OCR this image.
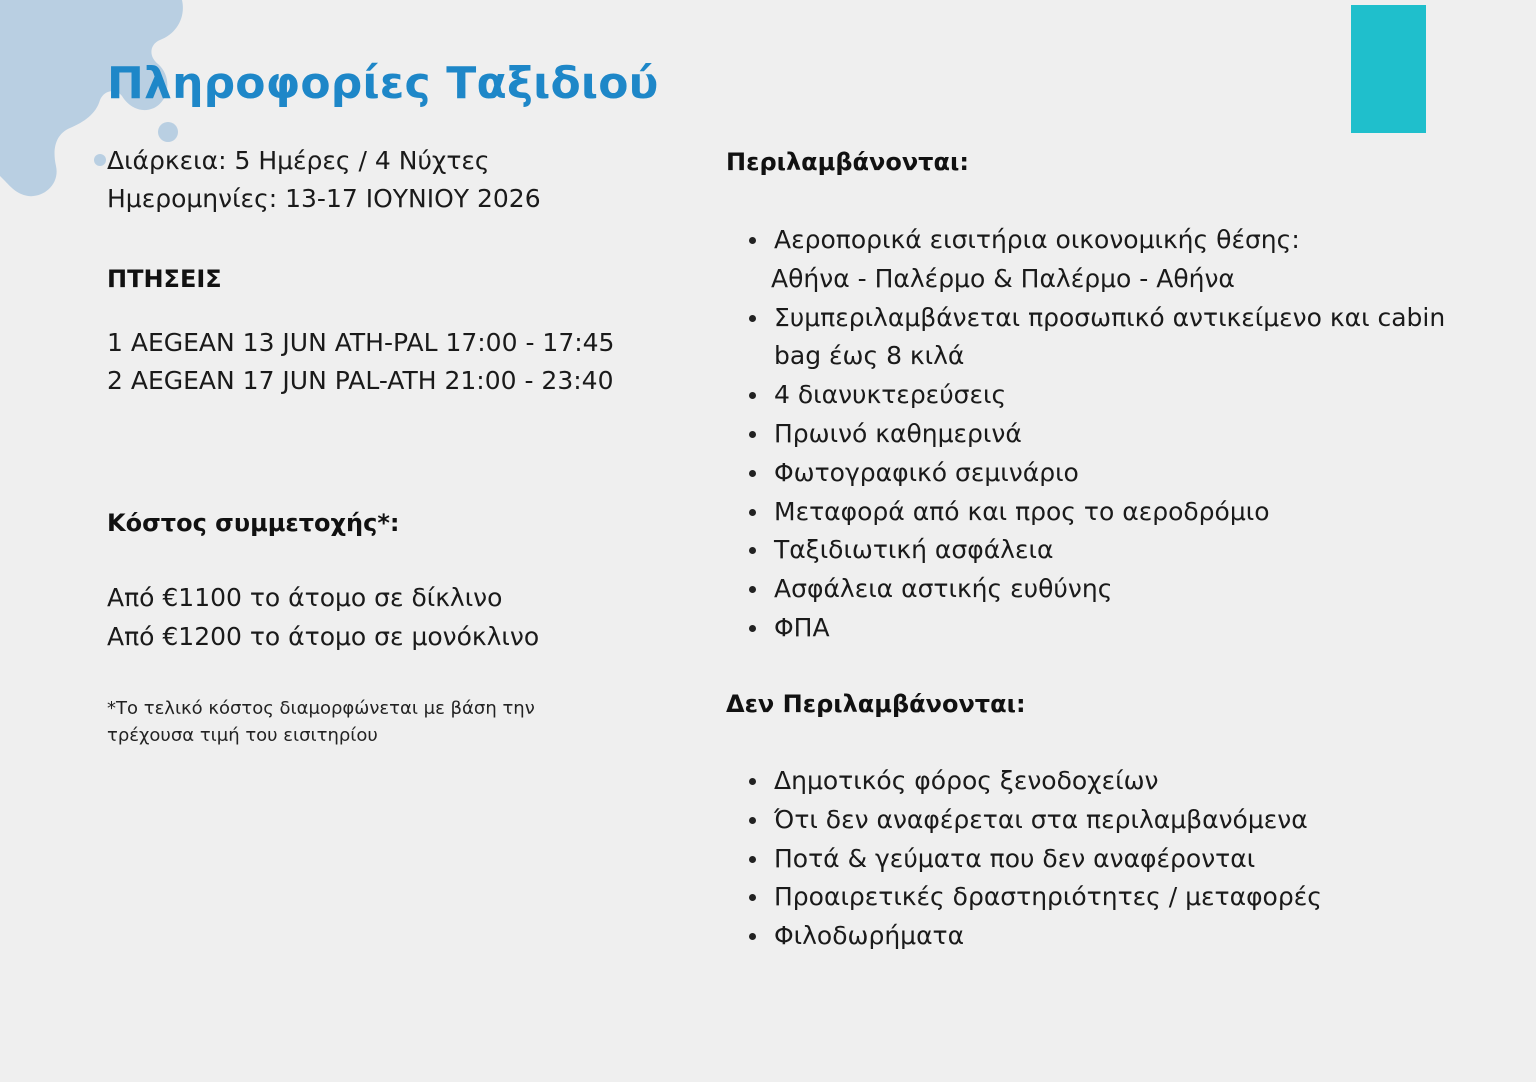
Πληροφορίες Ταξιδιού

Διάρκεια: 5 Ημέρες / 4 Νύχτες

Ημερομηνίες: 13-17 ΙΟΥΝΙΟΥ 2026

ΠΤΗΣΕΙΣ

1 AEGEAN 13 JUN ATH-PAL 17:00 - 17:45

2 AEGEAN 17 JUN PAL-ATH 21:00 - 23:40

Κόστος συμμετοχής*:

Από €1100 το άτομο σε δίκλινο

Από €1200 το άτομο σε μονόκλινο

*Το τελικό κόστος διαμορφώνεται με βάση την

τρέχουσα τιμή του εισιτηρίου

Περιλαμβάνονται:

Αεροπορικά εισιτήρια οικονομικής θέσης:
Αθήνα - Παλέρμο & Παλέρμο - Αθήνα
Συμπεριλαμβάνεται προσωπικό αντικείμενο και cabin
bag έως 8 κιλά
4 διανυκτερεύσεις
Πρωινό καθημερινά
Φωτογραφικό σεμινάριο
Μεταφορά από και προς το αεροδρόμιο
Ταξιδιωτική ασφάλεια
Ασφάλεια αστικής ευθύνης
ΦΠΑ

Δεν Περιλαμβάνονται:

Δημοτικός φόρος ξενοδοχείων
Ότι δεν αναφέρεται στα περιλαμβανόμενα
Ποτά & γεύματα που δεν αναφέρονται
Προαιρετικές δραστηριότητες / μεταφορές
Φιλοδωρήματα
